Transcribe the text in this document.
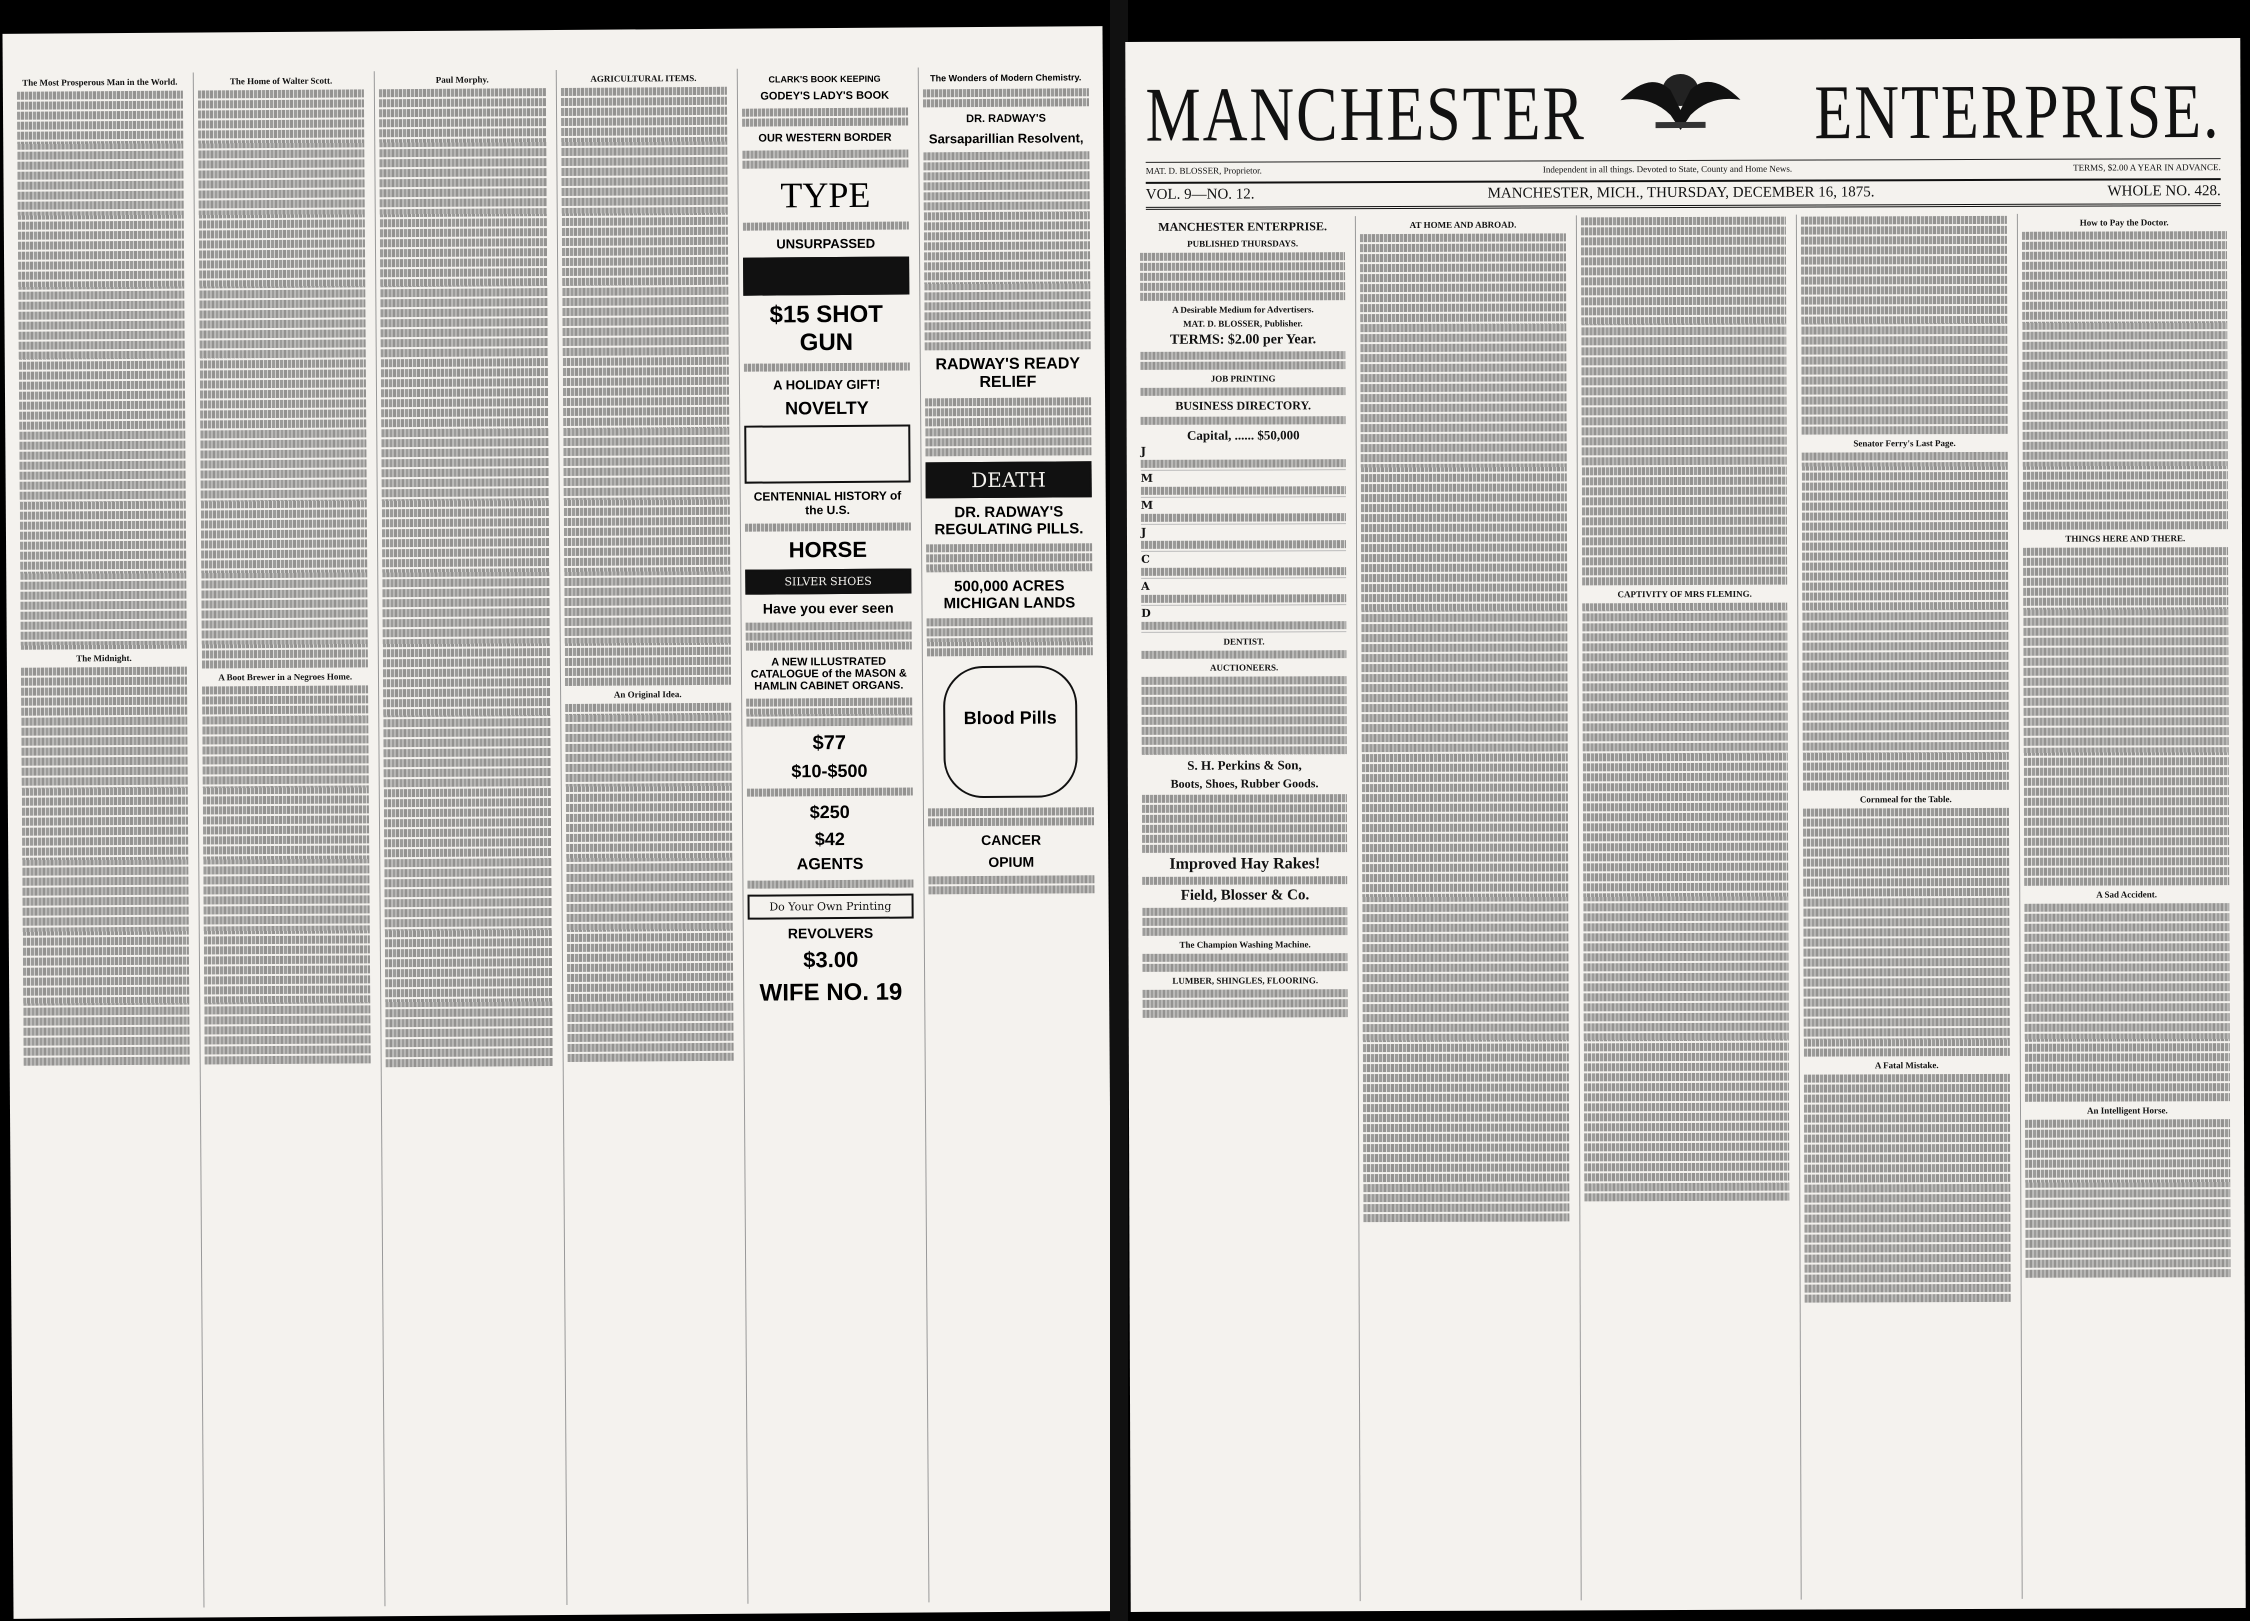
The Most Prosperous Man in the World.
The Midnight.
The Home of Walter Scott.
A Boot Brewer in a Negroes Home.
Paul Morphy.	AGRICULTURAL ITEMS.
An Original Idea.
CLARK'S BOOK KEEPING
GODEY'S LADY'S BOOK
OUR WESTERN BORDER
TYPE
UNSURPASSED
$15 SHOT GUN
A HOLIDAY GIFT!
NOVELTY
CENTENNIAL HISTORY of the U.S.
HORSE
SILVER SHOES
Have you ever seen
A NEW ILLUSTRATED CATALOGUE of the MASON & HAMLIN CABINET ORGANS.
$77
$10-$500
$250
$42
AGENTS
Do Your Own Printing
REVOLVERS
$3.00
WIFE NO. 19
The Wonders of Modern Chemistry.
DR. RADWAY'S
Sarsaparillian Resolvent,
RADWAY'S READY RELIEF
DEATH
DR. RADWAY'S REGULATING PILLS.
500,000 ACRES MICHIGAN LANDS
Blood Pills
CANCER
OPIUM
MANCHESTER	ENTERPRISE.
MAT. D. BLOSSER, Proprietor.	Independent in all things. Devoted to State, County and Home News.	TERMS, $2.00 A YEAR IN ADVANCE.
VOL. 9—NO. 12.	MANCHESTER, MICH., THURSDAY, DECEMBER 16, 1875.	WHOLE NO. 428.
MANCHESTER ENTERPRISE.
PUBLISHED THURSDAYS.
A Desirable Medium for Advertisers.
MAT. D. BLOSSER, Publisher.
TERMS: $2.00 per Year.
JOB PRINTING
BUSINESS DIRECTORY.
Capital, ...... $50,000
J
M
M
J
C
A
D
DENTIST.
AUCTIONEERS.
S. H. Perkins & Son,
Boots, Shoes, Rubber Goods.
Improved Hay Rakes!
Field, Blosser & Co.
The Champion Washing Machine.
LUMBER, SHINGLES, FLOORING.
AT HOME AND ABROAD.
CAPTIVITY OF MRS FLEMING.
Senator Ferry's Last Page.
Cornmeal for the Table.
A Fatal Mistake.
How to Pay the Doctor.
THINGS HERE AND THERE.
A Sad Accident.
An Intelligent Horse.
